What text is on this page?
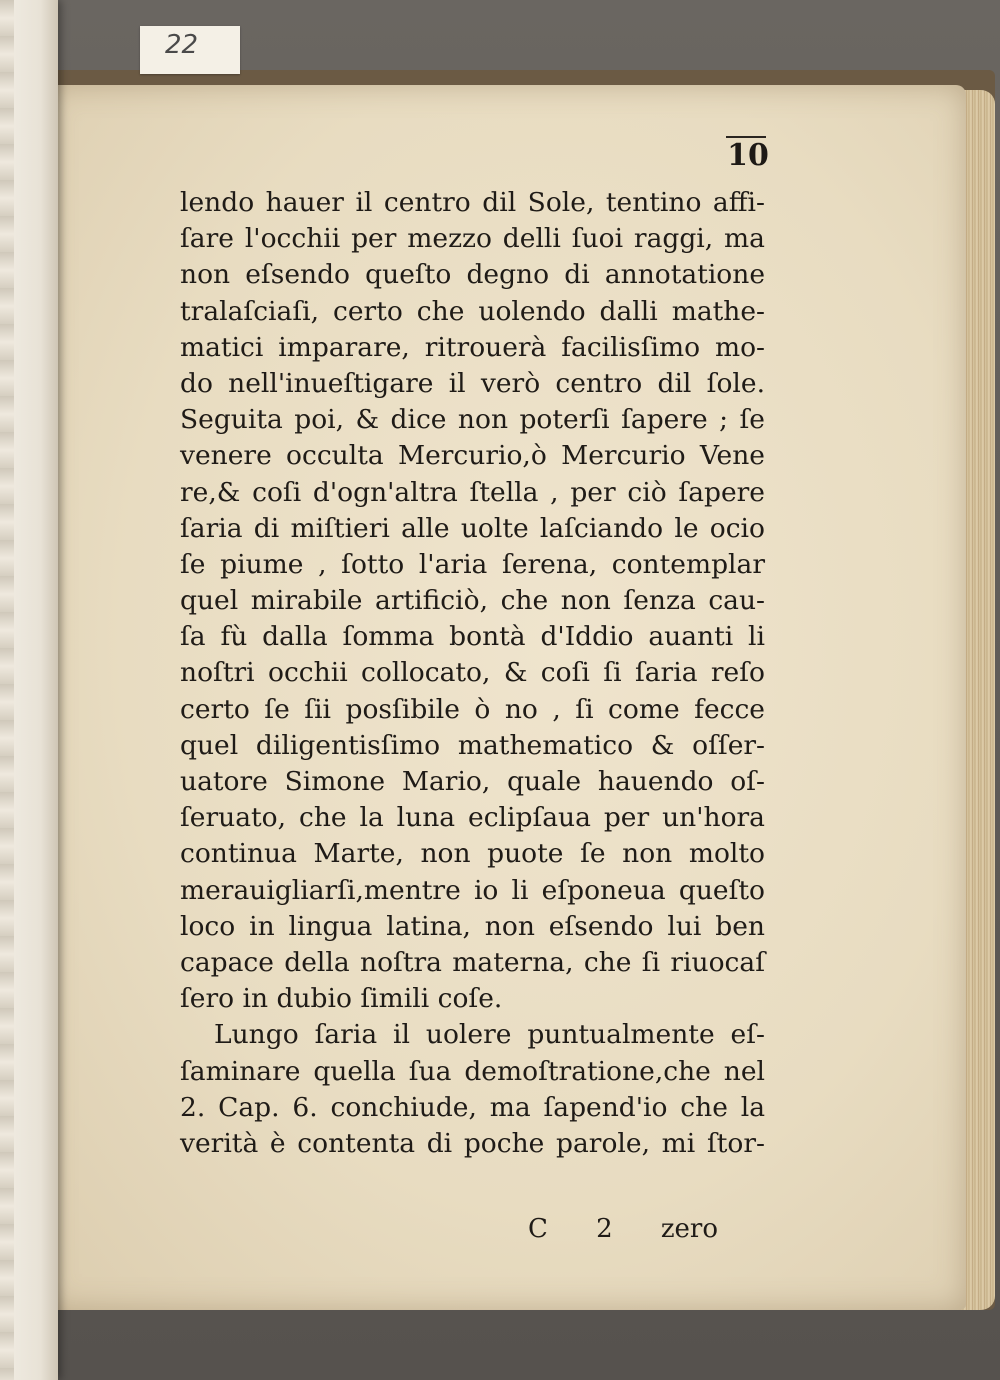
22
10
lendo hauer il centro dil Sole, tentino affi-
ſare l'occhii per mezzo delli ſuoi raggi, ma
non eſsendo queſto degno di annotatione
tralaſciaſi, certo che uolendo dalli mathe-
matici imparare, ritrouerà facilisſimo mo-
do nell'inueſtigare il verò centro dil ſole.
Seguita poi, & dice non poterſi ſapere ; ſe
venere occulta Mercurio,ò Mercurio Vene
re,& coſi d'ogn'altra ſtella , per ciò ſapere
ſaria di miſtieri alle uolte laſciando le ocio
ſe piume , ſotto l'aria ſerena, contemplar
quel mirabile artificiò, che non ſenza cau-
ſa fù dalla ſomma bontà d'Iddio auanti li
noſtri occhii collocato, & coſi ſi ſaria reſo
certo ſe ſii posſibile ò no , ſi come fecce
quel diligentisſimo mathematico & oſſer-
uatore Simone Mario, quale hauendo oſ-
ſeruato, che la luna eclipſaua per un'hora
continua Marte, non puote ſe non molto
merauigliarſi,mentre io li eſponeua queſto
loco in lingua latina, non eſsendo lui ben
capace della noſtra materna, che ſi riuocaſ
ſero in dubio ſimili coſe.
Lungo ſaria il uolere puntualmente eſ-
ſaminare quella ſua demoſtratione,che nel
2. Cap. 6. conchiude, ma ſapend'io che la
verità è contenta di poche parole, mi ſtor-
C 2 zero
